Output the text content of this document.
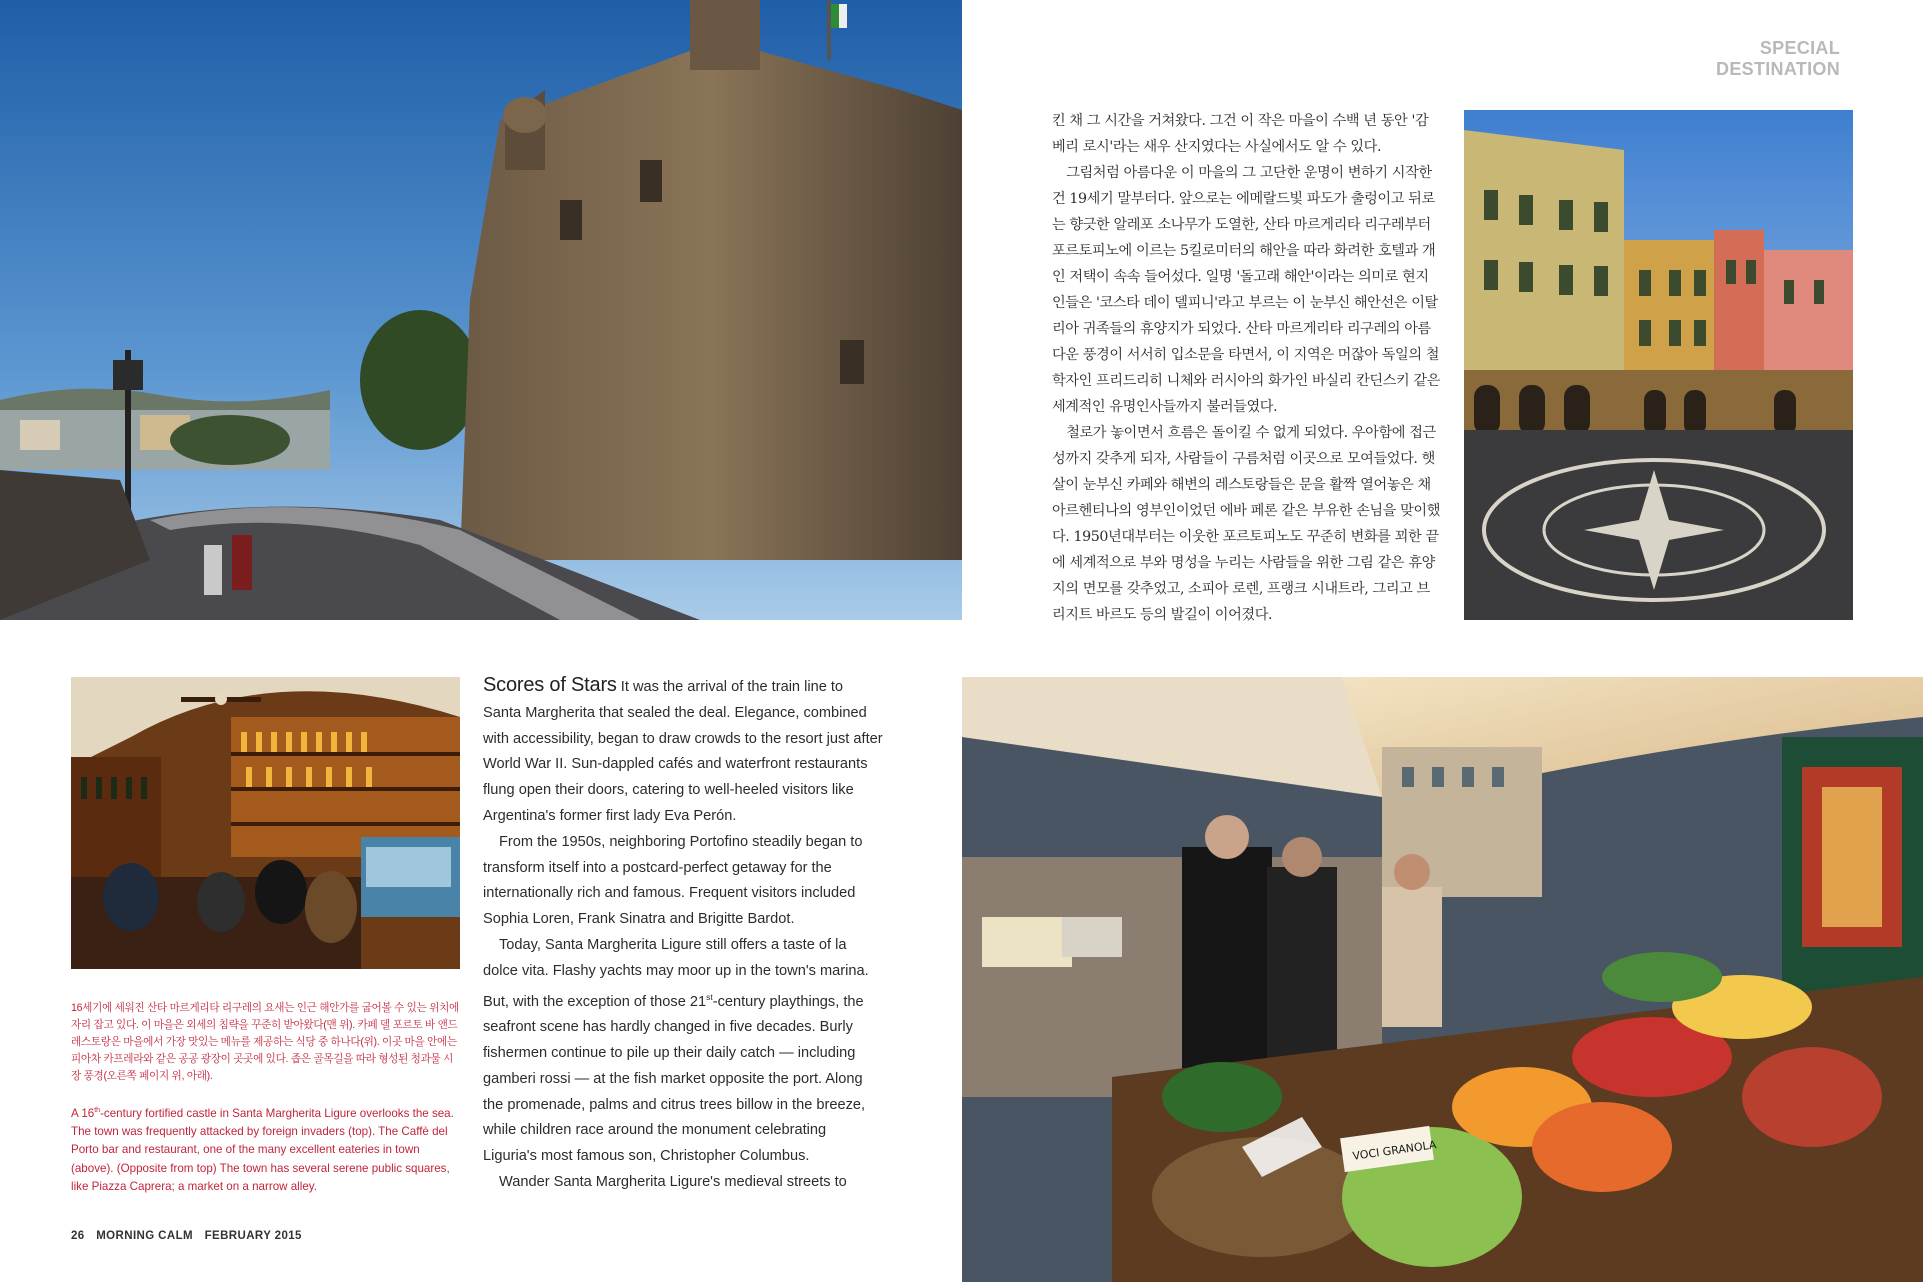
SPECIAL DESTINATION

킨 채 그 시간을 거쳐왔다. 그건 이 작은 마을이 수백 년 동안 '감베리 로시'라는 새우 산지였다는 사실에서도 알 수 있다.

그림처럼 아름다운 이 마을의 그 고단한 운명이 변하기 시작한 건 19세기 말부터다. 앞으로는 에메랄드빛 파도가 출렁이고 뒤로는 향긋한 알레포 소나무가 도열한, 산타 마르게리타 리구레부터 포르토피노에 이르는 5킬로미터의 해안을 따라 화려한 호텔과 개인 저택이 속속 들어섰다. 일명 '돌고래 해안'이라는 의미로 현지인들은 '코스타 데이 델피니'라고 부르는 이 눈부신 해안선은 이탈리아 귀족들의 휴양지가 되었다. 산타 마르게리타 리구레의 아름다운 풍경이 서서히 입소문을 타면서, 이 지역은 머잖아 독일의 철학자인 프리드리히 니체와 러시아의 화가인 바실리 칸딘스키 같은 세계적인 유명인사들까지 불러들였다.

철로가 놓이면서 흐름은 돌이킬 수 없게 되었다. 우아함에 접근성까지 갖추게 되자, 사람들이 구름처럼 이곳으로 모여들었다. 햇살이 눈부신 카페와 해변의 레스토랑들은 문을 활짝 열어놓은 채 아르헨티나의 영부인이었던 에바 페론 같은 부유한 손님을 맞이했다. 1950년대부터는 이웃한 포르토피노도 꾸준히 변화를 꾀한 끝에 세계적으로 부와 명성을 누리는 사람들을 위한 그림 같은 휴양지의 면모를 갖추었고, 소피아 로렌, 프랭크 시내트라, 그리고 브리지트 바르도 등의 발길이 이어졌다.

16세기에 세워진 산타 마르게리타 리구레의 요새는 인근 해안가를 굽어볼 수 있는 위치에 자리 잡고 있다. 이 마을은 외세의 침략을 꾸준히 받아왔다(맨 위). 카페 델 포르토 바 앤드 레스토랑은 마을에서 가장 맛있는 메뉴를 제공하는 식당 중 하나다(위). 이곳 마을 안에는 피아차 카프레라와 같은 공공 광장이 곳곳에 있다. 좁은 골목길을 따라 형성된 청과물 시장 풍경(오른쪽 페이지 위, 아래).
A 16th-century fortified castle in Santa Margherita Ligure overlooks the sea. The town was frequently attacked by foreign invaders (top). The Caffè del Porto bar and restaurant, one of the many excellent eateries in town (above). (Opposite from top) The town has several serene public squares, like Piazza Caprera; a market on a narrow alley.

Scores of Stars It was the arrival of the train line to Santa Margherita that sealed the deal. Elegance, combined with accessibility, began to draw crowds to the resort just after World War II. Sun-dappled cafés and waterfront restaurants flung open their doors, catering to well-heeled visitors like Argentina's former first lady Eva Perón.

From the 1950s, neighboring Portofino steadily began to transform itself into a postcard-perfect getaway for the internationally rich and famous. Frequent visitors included Sophia Loren, Frank Sinatra and Brigitte Bardot.

Today, Santa Margherita Ligure still offers a taste of la dolce vita. Flashy yachts may moor up in the town's marina. But, with the exception of those 21st-century playthings, the seafront scene has hardly changed in five decades. Burly fishermen continue to pile up their daily catch — including gamberi rossi — at the fish market opposite the port. Along the promenade, palms and citrus trees billow in the breeze, while children race around the monument celebrating Liguria's most famous son, Christopher Columbus.

Wander Santa Margherita Ligure's medieval streets to

VOCI GRANOLA
26 MORNING CALM FEBRUARY 2015
